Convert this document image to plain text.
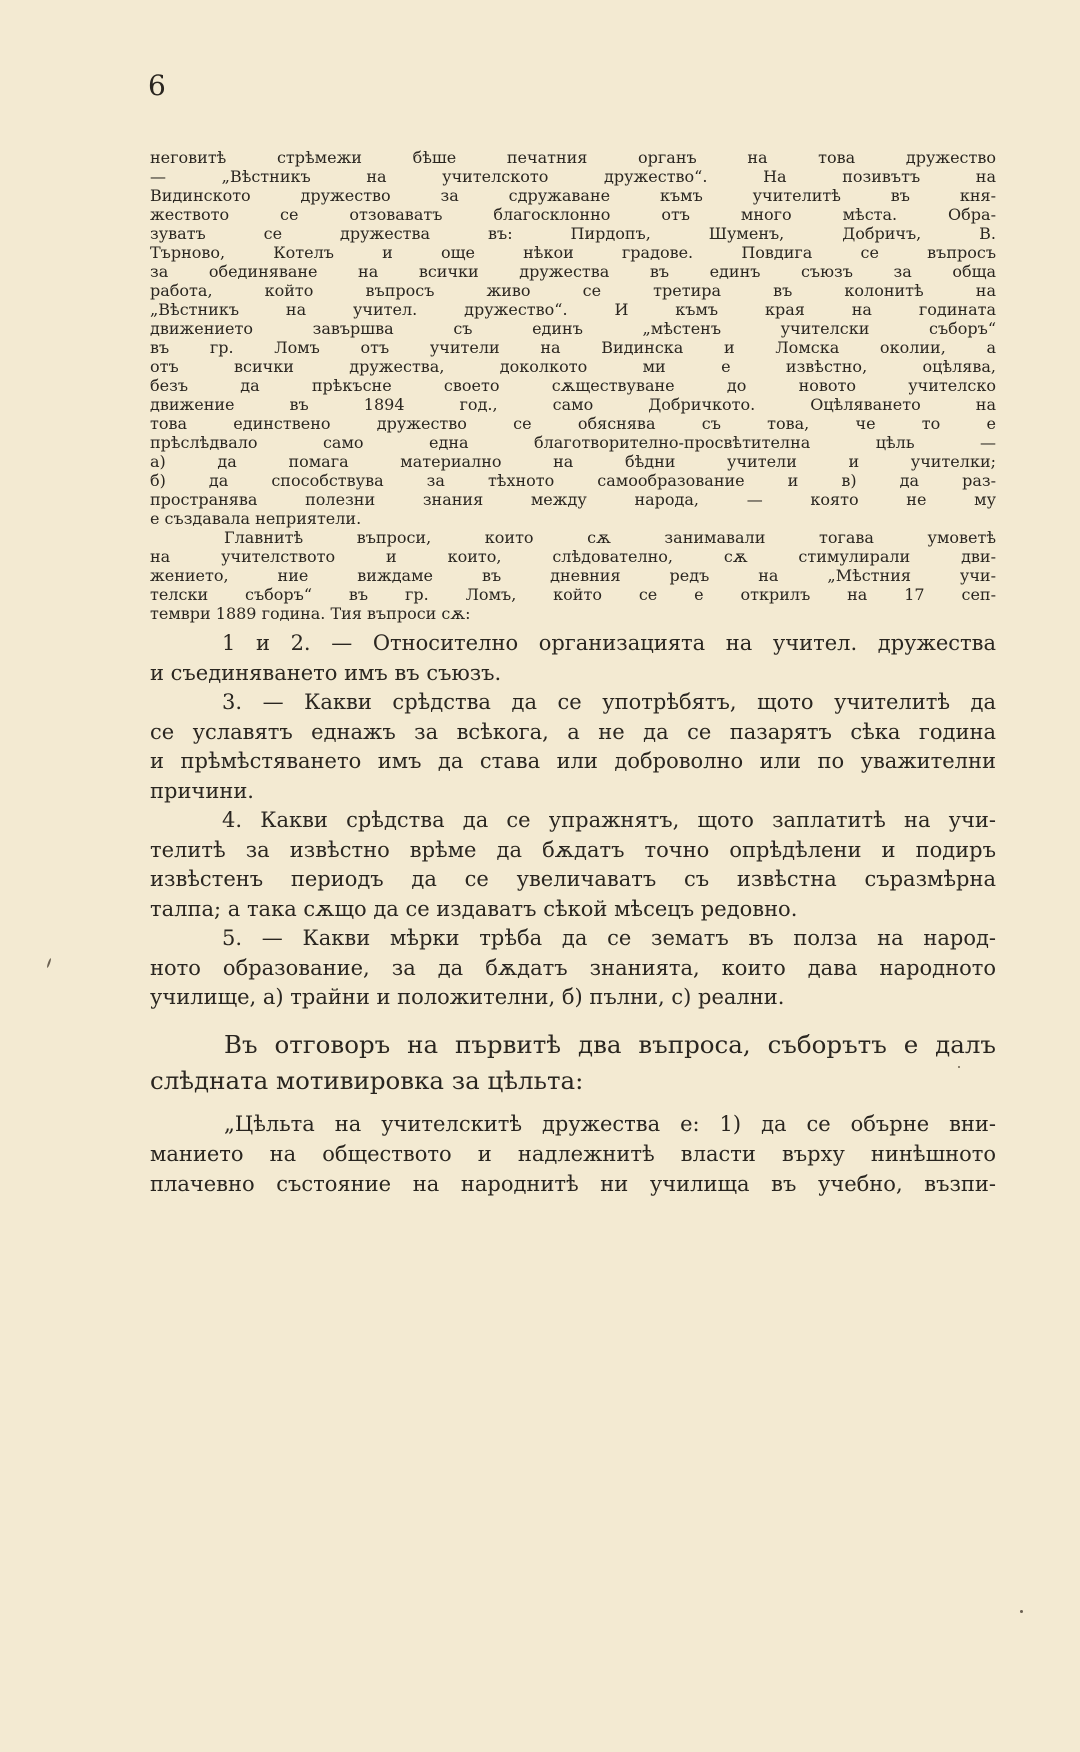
6
неговитѣ стрѣмежи бѣше печатния органъ на това дружество
— „Вѣстникъ на учителското дружество“. На позивътъ на
Видинското дружество за сдружаване къмъ учителитѣ въ кня-
жеството се отзоваватъ благосклонно отъ много мѣста. Обра-
зуватъ се дружества въ: Пирдопъ, Шуменъ, Добричъ, В.
Търново, Котелъ и още нѣкои градове. Повдига се въпросъ
за обединяване на всички дружества въ единъ съюзъ за обща
работа, който въпросъ живо се третира въ колонитѣ на
„Вѣстникъ на учител. дружество“. И къмъ края на годината
движението завършва съ единъ „мѣстенъ учителски съборъ“
въ гр. Ломъ отъ учители на Видинска и Ломска околии, а
отъ всички дружества, доколкото ми е извѣстно, оцѣлява,
безъ да прѣкъсне своето сѫществуване до новото учителско
движение въ 1894 год., само Добричкото. Оцѣляването на
това единствено дружество се обяснява съ това, че то е
прѣслѣдвало само една благотворително-просвѣтителна цѣль —
а) да помага материално на бѣдни учители и учителки;
б) да способствува за тѣхното самообразование и в) да раз-
пространява полезни знания между народа, — която не му
е създавала неприятели.
Главнитѣ въпроси, които сѫ занимавали тогава умоветѣ
на учителството и които, слѣдователно, сѫ стимулирали дви-
жението, ние виждаме въ дневния редъ на „Мѣстния учи-
телски съборъ“ въ гр. Ломъ, който се е открилъ на 17 сеп-
тември 1889 година. Тия въпроси сѫ:
1 и 2. — Относително организацията на учител. дружества
и съединяването имъ въ съюзъ.
3. — Какви срѣдства да се употрѣбятъ, щото учителитѣ да
се уславятъ еднажъ за всѣкога, а не да се пазарятъ сѣка година
и прѣмѣстяването имъ да става или доброволно или по уважителни
причини.
4. Какви срѣдства да се упражнятъ, щото заплатитѣ на учи-
телитѣ за извѣстно врѣме да бѫдатъ точно опрѣдѣлени и подиръ
извѣстенъ периодъ да се увеличаватъ съ извѣстна съразмѣрна
талпа; а така сѫщо да се издаватъ сѣкой мѣсецъ редовно.
5. — Какви мѣрки трѣба да се зематъ въ полза на народ-
ното образование, за да бѫдатъ знанията, които дава народното
училище, а) трайни и положителни, б) пълни, с) реални.
Въ отговоръ на първитѣ два въпроса, съборътъ е далъ
слѣдната мотивировка за цѣльта:
„Цѣльта на учителскитѣ дружества е: 1) да се обърне вни-
манието на обществото и надлежнитѣ власти върху нинѣшното
плачевно състояние на народнитѣ ни училища въ учебно, възпи-
